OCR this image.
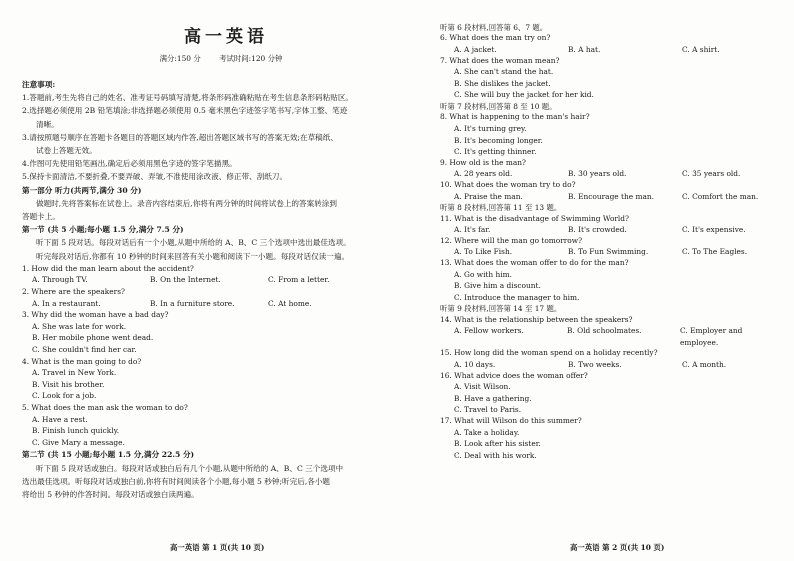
高一英语
满分:150 分 考试时间:120 分钟
注意事项:
1.答题前,考生先将自己的姓名、准考证号码填写清楚,将条形码准确粘贴在考生信息条形码粘贴区。
2.选择题必须使用 2B 铅笔填涂;非选择题必须使用 0.5 毫米黑色字迹签字笔书写,字体工整、笔迹
清晰。
3.请按照题号顺序在答题卡各题目的答题区域内作答,超出答题区域书写的答案无效;在草稿纸、
试卷上答题无效。
4.作图可先使用铅笔画出,确定后必须用黑色字迹的签字笔描黑。
5.保持卡面清洁,不要折叠,不要弄破、弄皱,不准使用涂改液、修正带、刮纸刀。
第一部分 听力(共两节,满分 30 分)
做题时,先将答案标在试卷上。录音内容结束后,你将有两分钟的时间将试卷上的答案转涂到
答题卡上。
第一节 (共 5 小题;每小题 1.5 分,满分 7.5 分)
听下面 5 段对话。每段对话后有一个小题,从题中所给的 A、B、C 三个选项中选出最佳选项。
听完每段对话后,你都有 10 秒钟的时间来回答有关小题和阅读下一小题。每段对话仅读一遍。
1. How did the man learn about the accident?
A. Through TV.	B. On the Internet.	C. From a letter.
2. Where are the speakers?
A. In a restaurant.	B. In a furniture store.	C. At home.
3. Why did the woman have a bad day?
A. She was late for work.
B. Her mobile phone went dead.
C. She couldn't find her car.
4. What is the man going to do?
A. Travel in New York.
B. Visit his brother.
C. Look for a job.
5. What does the man ask the woman to do?
A. Have a rest.
B. Finish lunch quickly.
C. Give Mary a message.
第二节 (共 15 小题;每小题 1.5 分,满分 22.5 分)
听下面 5 段对话或独白。每段对话或独白后有几个小题,从题中所给的 A、B、C 三个选项中
选出最佳选项。听每段对话或独白前,你将有时间阅读各个小题,每小题 5 秒钟;听完后,各小题
将给出 5 秒钟的作答时间。每段对话或独白读两遍。
听第 6 段材料,回答第 6、7 题。
6. What does the man try on?
A. A jacket.	B. A hat.	C. A shirt.
7. What does the woman mean?
A. She can't stand the hat.
B. She dislikes the jacket.
C. She will buy the jacket for her kid.
听第 7 段材料,回答第 8 至 10 题。
8. What is happening to the man's hair?
A. It's turning grey.
B. It's becoming longer.
C. It's getting thinner.
9. How old is the man?
A. 28 years old.	B. 30 years old.	C. 35 years old.
10. What does the woman try to do?
A. Praise the man.	B. Encourage the man.	C. Comfort the man.
听第 8 段材料,回答第 11 至 13 题。
11. What is the disadvantage of Swimming World?
A. It's far.	B. It's crowded.	C. It's expensive.
12. Where will the man go tomorrow?
A. To Like Fish.	B. To Fun Swimming.	C. To The Eagles.
13. What does the woman offer to do for the man?
A. Go with him.
B. Give him a discount.
C. Introduce the manager to him.
听第 9 段材料,回答第 14 至 17 题。
14. What is the relationship between the speakers?
A. Fellow workers.	B. Old schoolmates.	C. Employer and employee.
15. How long did the woman spend on a holiday recently?
A. 10 days.	B. Two weeks.	C. A month.
16. What advice does the woman offer?
A. Visit Wilson.
B. Have a gathering.
C. Travel to Paris.
17. What will Wilson do this summer?
A. Take a holiday.
B. Look after his sister.
C. Deal with his work.
高一英语 第 1 页(共 10 页)	高一英语 第 2 页(共 10 页)
